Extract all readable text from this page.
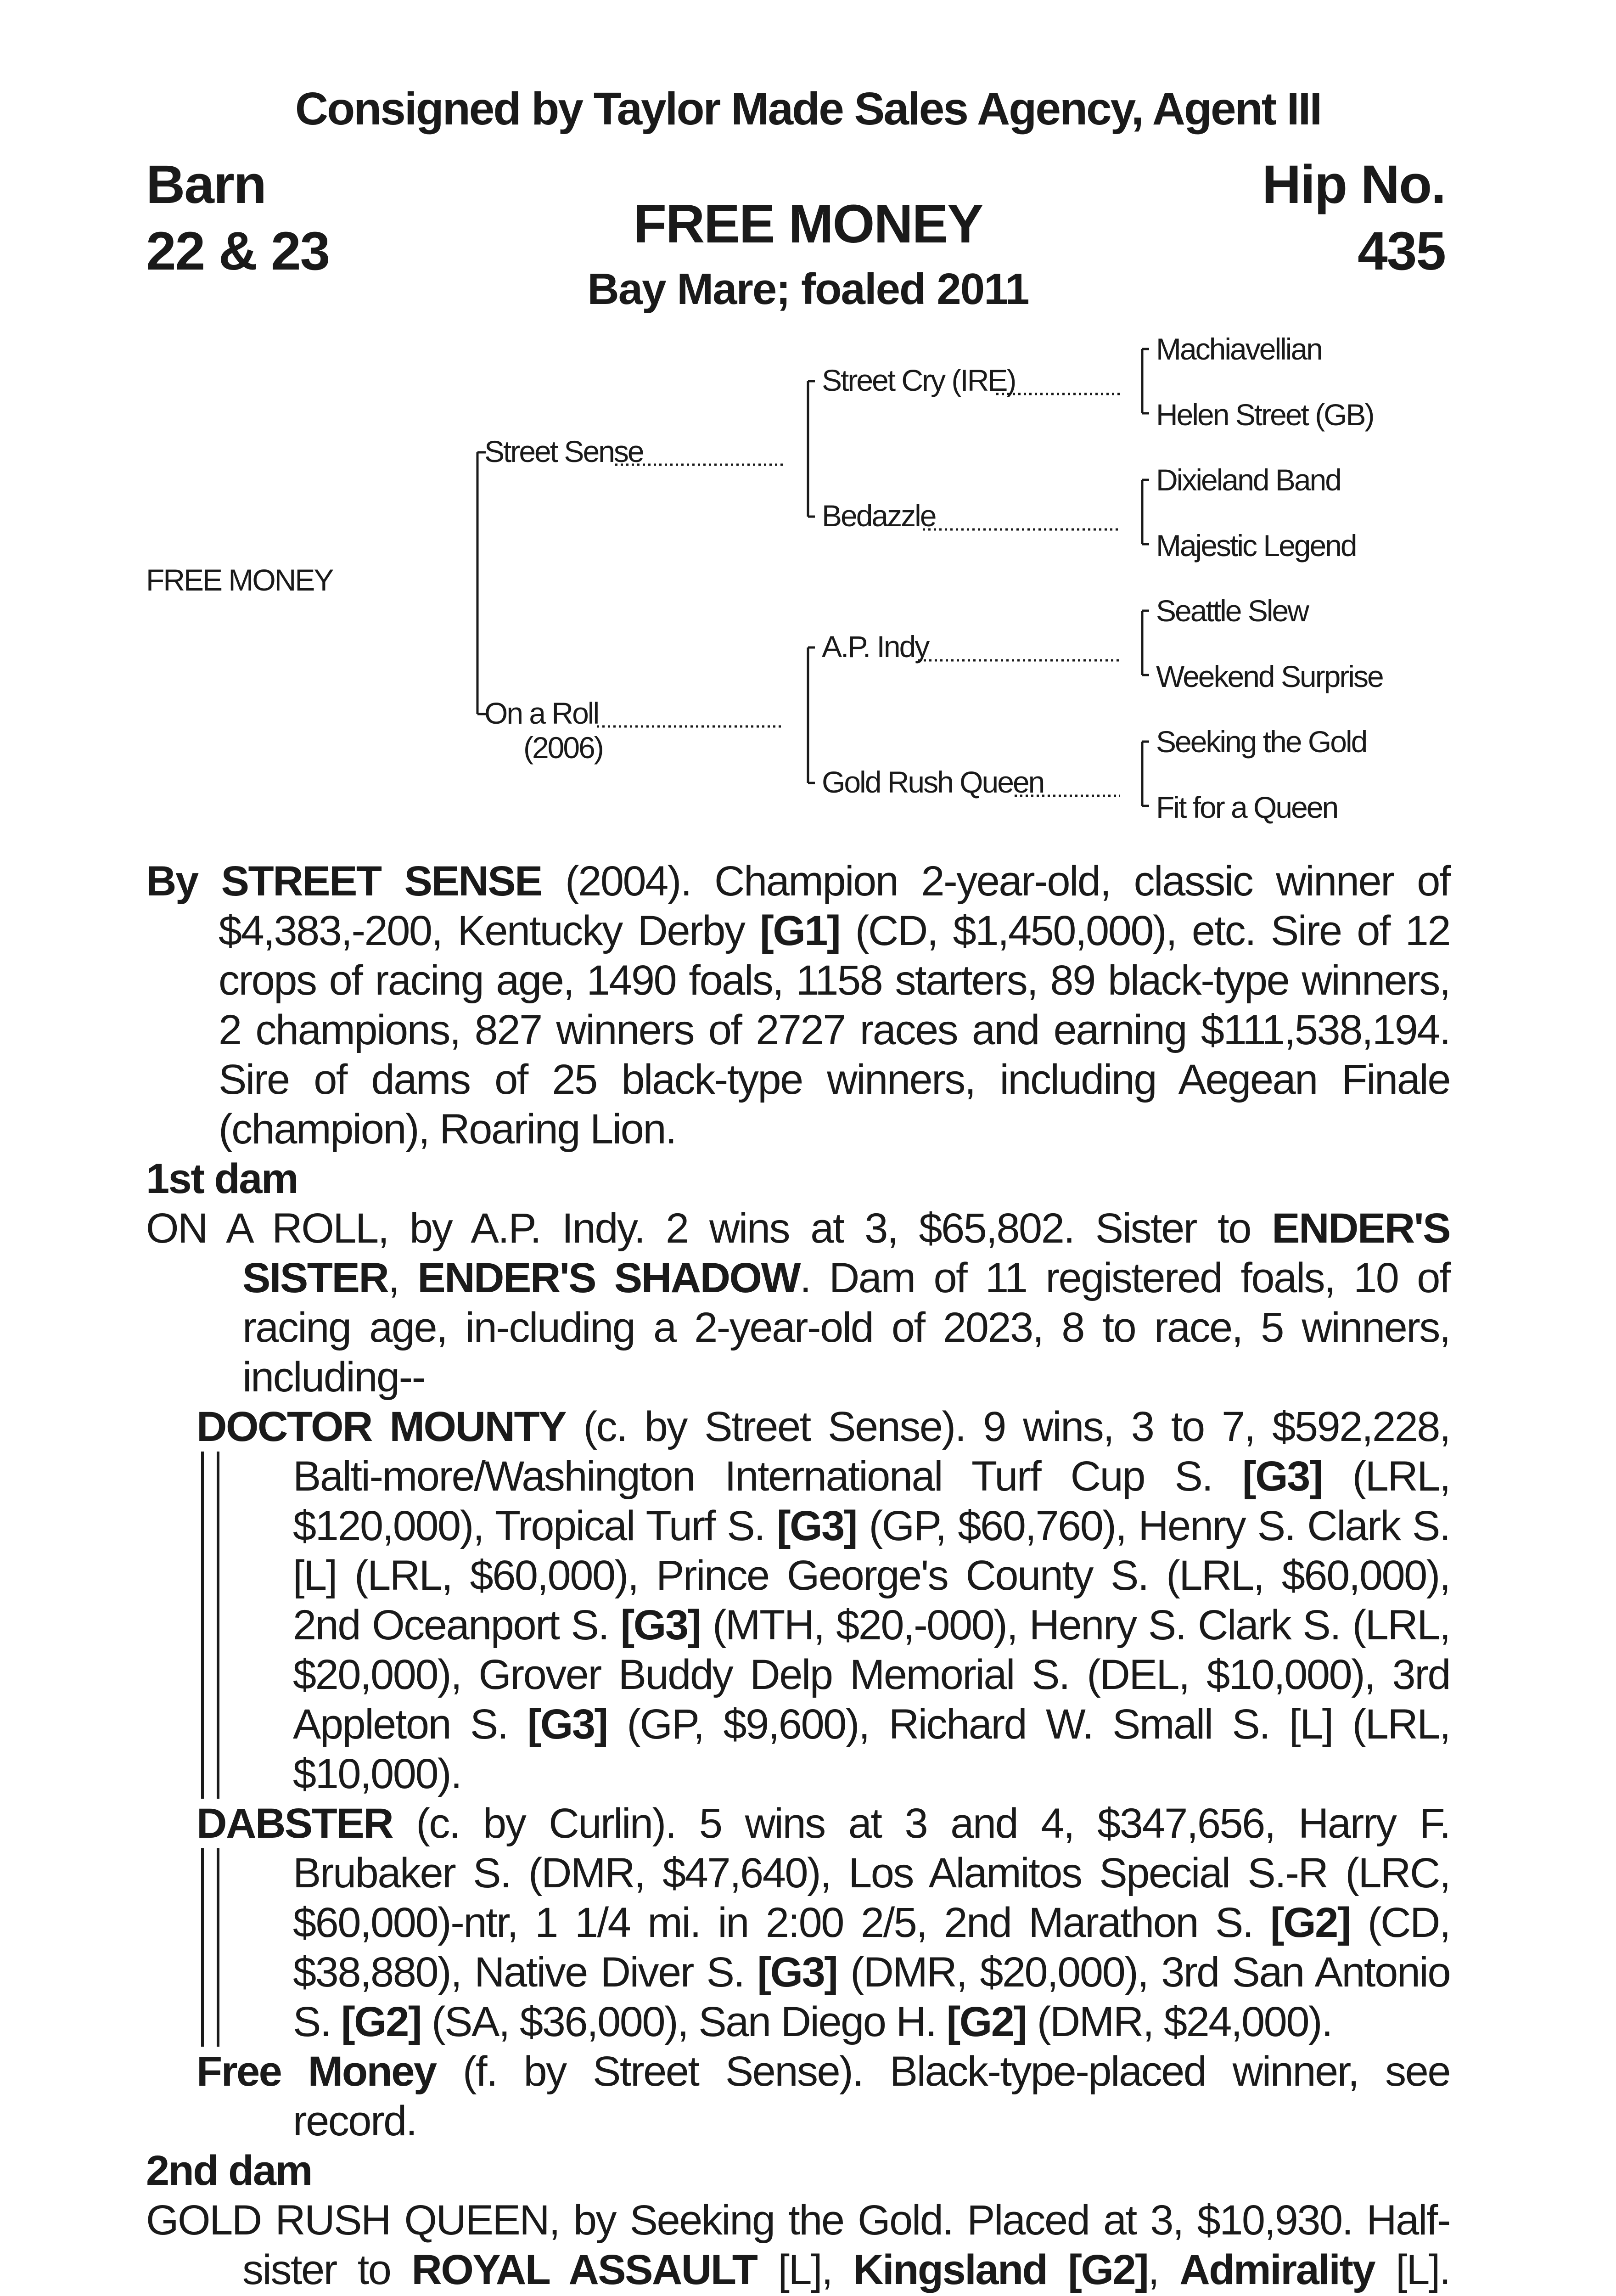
Consigned by Taylor Made Sales Agency, Agent III
Barn
22 & 23
Hip No.
435
FREE MONEY
Bay Mare; foaled 2011
FREE MONEY
Street Sense
On a Roll
(2006)
Street Cry (IRE)
Bedazzle
A.P. Indy
Gold Rush Queen
Machiavellian
Helen Street (GB)
Dixieland Band
Majestic Legend
Seattle Slew
Weekend Surprise
Seeking the Gold
Fit for a Queen

By STREET SENSE (2004). Champion 2-year-old, classic winner of $4,383,-200, Kentucky Derby [G1] (CD, $1,450,000), etc. Sire of 12 crops of racing age, 1490 foals, 1158 starters, 89 black-type winners, 2 champions, 827 winners of 2727 races and earning $111,538,194. Sire of dams of 25 black-type winners, including Aegean Finale (champion), Roaring Lion.

1st dam

ON A ROLL, by A.P. Indy. 2 wins at 3, $65,802. Sister to ENDER'S SISTER, ENDER'S SHADOW. Dam of 11 registered foals, 10 of racing age, in-cluding a 2-year-old of 2023, 8 to race, 5 winners, including--

DOCTOR MOUNTY (c. by Street Sense). 9 wins, 3 to 7, $592,228, Balti-more/Washington International Turf Cup S. [G3] (LRL, $120,000), Tropical Turf S. [G3] (GP, $60,760), Henry S. Clark S. [L] (LRL, $60,000), Prince George's County S. (LRL, $60,000), 2nd Oceanport S. [G3] (MTH, $20,-000), Henry S. Clark S. (LRL, $20,000), Grover Buddy Delp Memorial S. (DEL, $10,000), 3rd Appleton S. [G3] (GP, $9,600), Richard W. Small S. [L] (LRL, $10,000).

DABSTER (c. by Curlin). 5 wins at 3 and 4, $347,656, Harry F. Brubaker S. (DMR, $47,640), Los Alamitos Special S.-R (LRC, $60,000)-ntr, 1 1/4 mi. in 2:00 2/5, 2nd Marathon S. [G2] (CD, $38,880), Native Diver S. [G3] (DMR, $20,000), 3rd San Antonio S. [G2] (SA, $36,000), San Diego H. [G2] (DMR, $24,000).

Free Money (f. by Street Sense). Black-type-placed winner, see record.

2nd dam

GOLD RUSH QUEEN, by Seeking the Gold. Placed at 3, $10,930. Half-sister to ROYAL ASSAULT [L], Kingsland [G2], Admirality [L].
